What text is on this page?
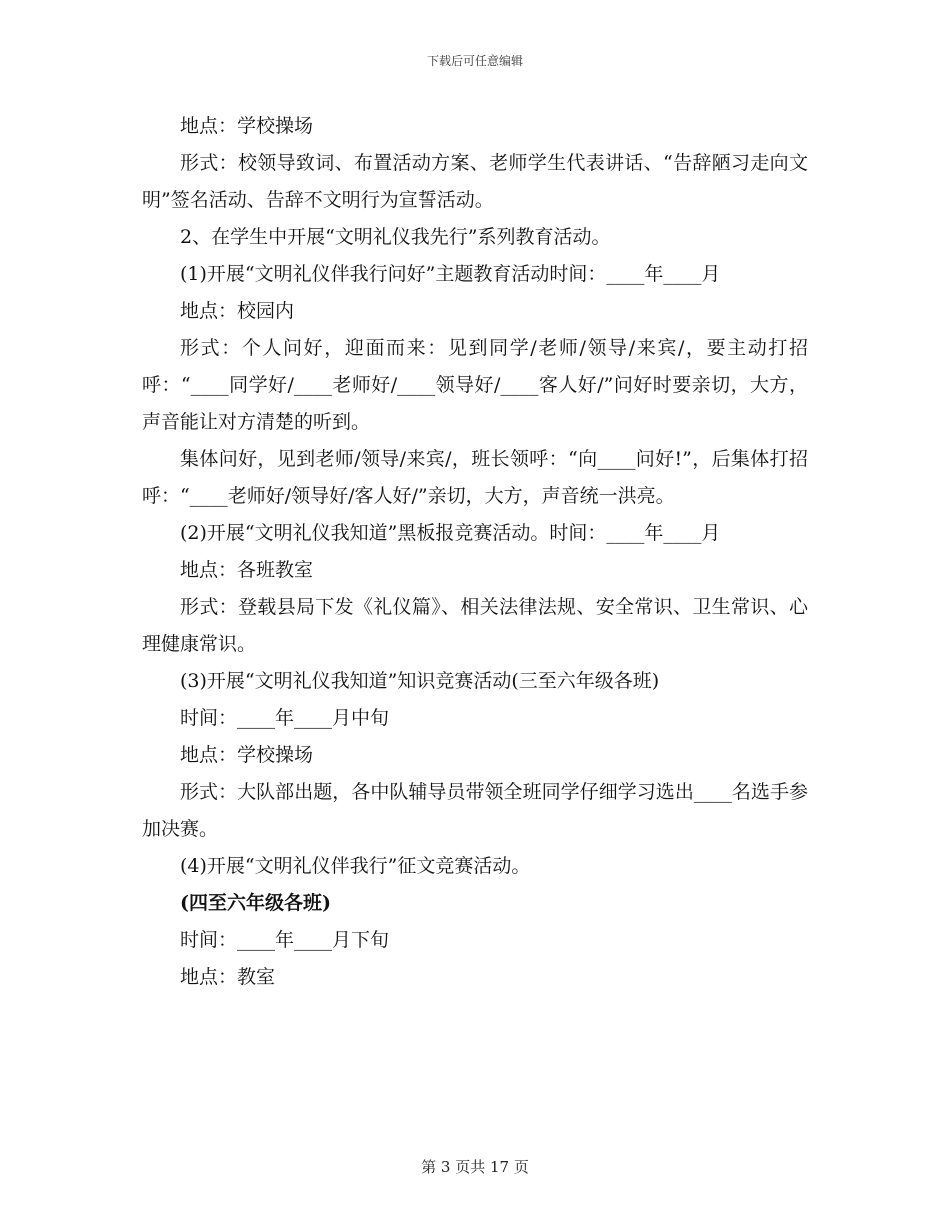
下载后可任意编辑

地点：学校操场

形式：校领导致词、布置活动方案、老师学生代表讲话、“告辞陋习走向文明”签名活动、告辞不文明行为宣誓活动。

2、在学生中开展“文明礼仪我先行”系列教育活动。

(1)开展“文明礼仪伴我行问好”主题教育活动时间：____年____月

地点：校园内

形式：个人问好，迎面而来：见到同学/老师/领导/来宾/，要主动打招呼：“____同学好/____老师好/____领导好/____客人好/”问好时要亲切，大方，声音能让对方清楚的听到。

集体问好，见到老师/领导/来宾/，班长领呼：“向____问好!”，后集体打招呼：“____老师好/领导好/客人好/”亲切，大方，声音统一洪亮。

(2)开展“文明礼仪我知道”黑板报竞赛活动。时间：____年____月

地点：各班教室

形式：登载县局下发《礼仪篇》、相关法律法规、安全常识、卫生常识、心理健康常识。

(3)开展“文明礼仪我知道”知识竞赛活动(三至六年级各班)

时间：____年____月中旬

地点：学校操场

形式：大队部出题，各中队辅导员带领全班同学仔细学习选出____名选手参加决赛。

(4)开展“文明礼仪伴我行”征文竞赛活动。

(四至六年级各班)

时间：____年____月下旬

地点：教室

第 3 页共 17 页
